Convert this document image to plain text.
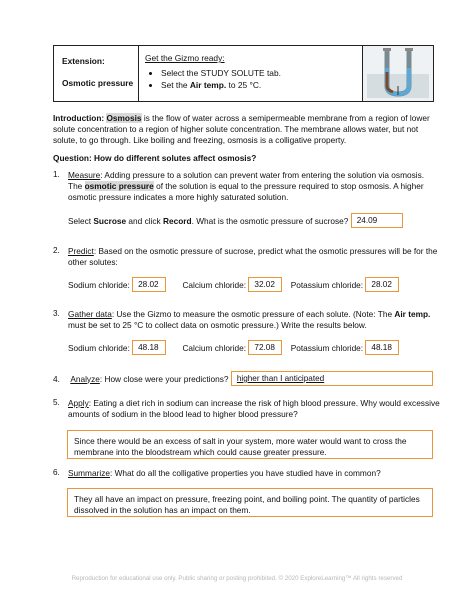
Extension:
Osmotic pressure
Get the Gizmo ready:
• Select the STUDY SOLUTE tab.
• Set the Air temp. to 25 °C.
Introduction: Osmosis is the flow of water across a semipermeable membrane from a region of lower solute concentration to a region of higher solute concentration. The membrane allows water, but not solute, to go through. Like boiling and freezing, osmosis is a colligative property.
Question: How do different solutes affect osmosis?
1. Measure: Adding pressure to a solution can prevent water from entering the solution via osmosis. The osmotic pressure of the solution is equal to the pressure required to stop osmosis. A higher osmotic pressure indicates a more highly saturated solution.
Select Sucrose and click Record. What is the osmotic pressure of sucrose? 24.09
2. Predict: Based on the osmotic pressure of sucrose, predict what the osmotic pressures will be for the other solutes:
Sodium chloride: 28.02	Calcium chloride: 32.02 Potassium chloride: 28.02
3. Gather data: Use the Gizmo to measure the osmotic pressure of each solute. (Note: The Air temp. must be set to 25 °C to collect data on osmotic pressure.) Write the results below.
Sodium chloride: 48.18	Calcium chloride: 72.08 Potassium chloride: 48.18
4. Analyze: How close were your predictions? higher than I anticipated
5. Apply: Eating a diet rich in sodium can increase the risk of high blood pressure. Why would excessive amounts of sodium in the blood lead to higher blood pressure?
Since there would be an excess of salt in your system, more water would want to cross the membrane into the bloodstream which could cause greater pressure.
6. Summarize: What do all the colligative properties you have studied have in common?
They all have an impact on pressure, freezing point, and boiling point. The quantity of particles dissolved in the solution has an impact on them.
Reproduction for educational use only. Public sharing or posting prohibited. © 2020 ExploreLearning™ All rights reserved
